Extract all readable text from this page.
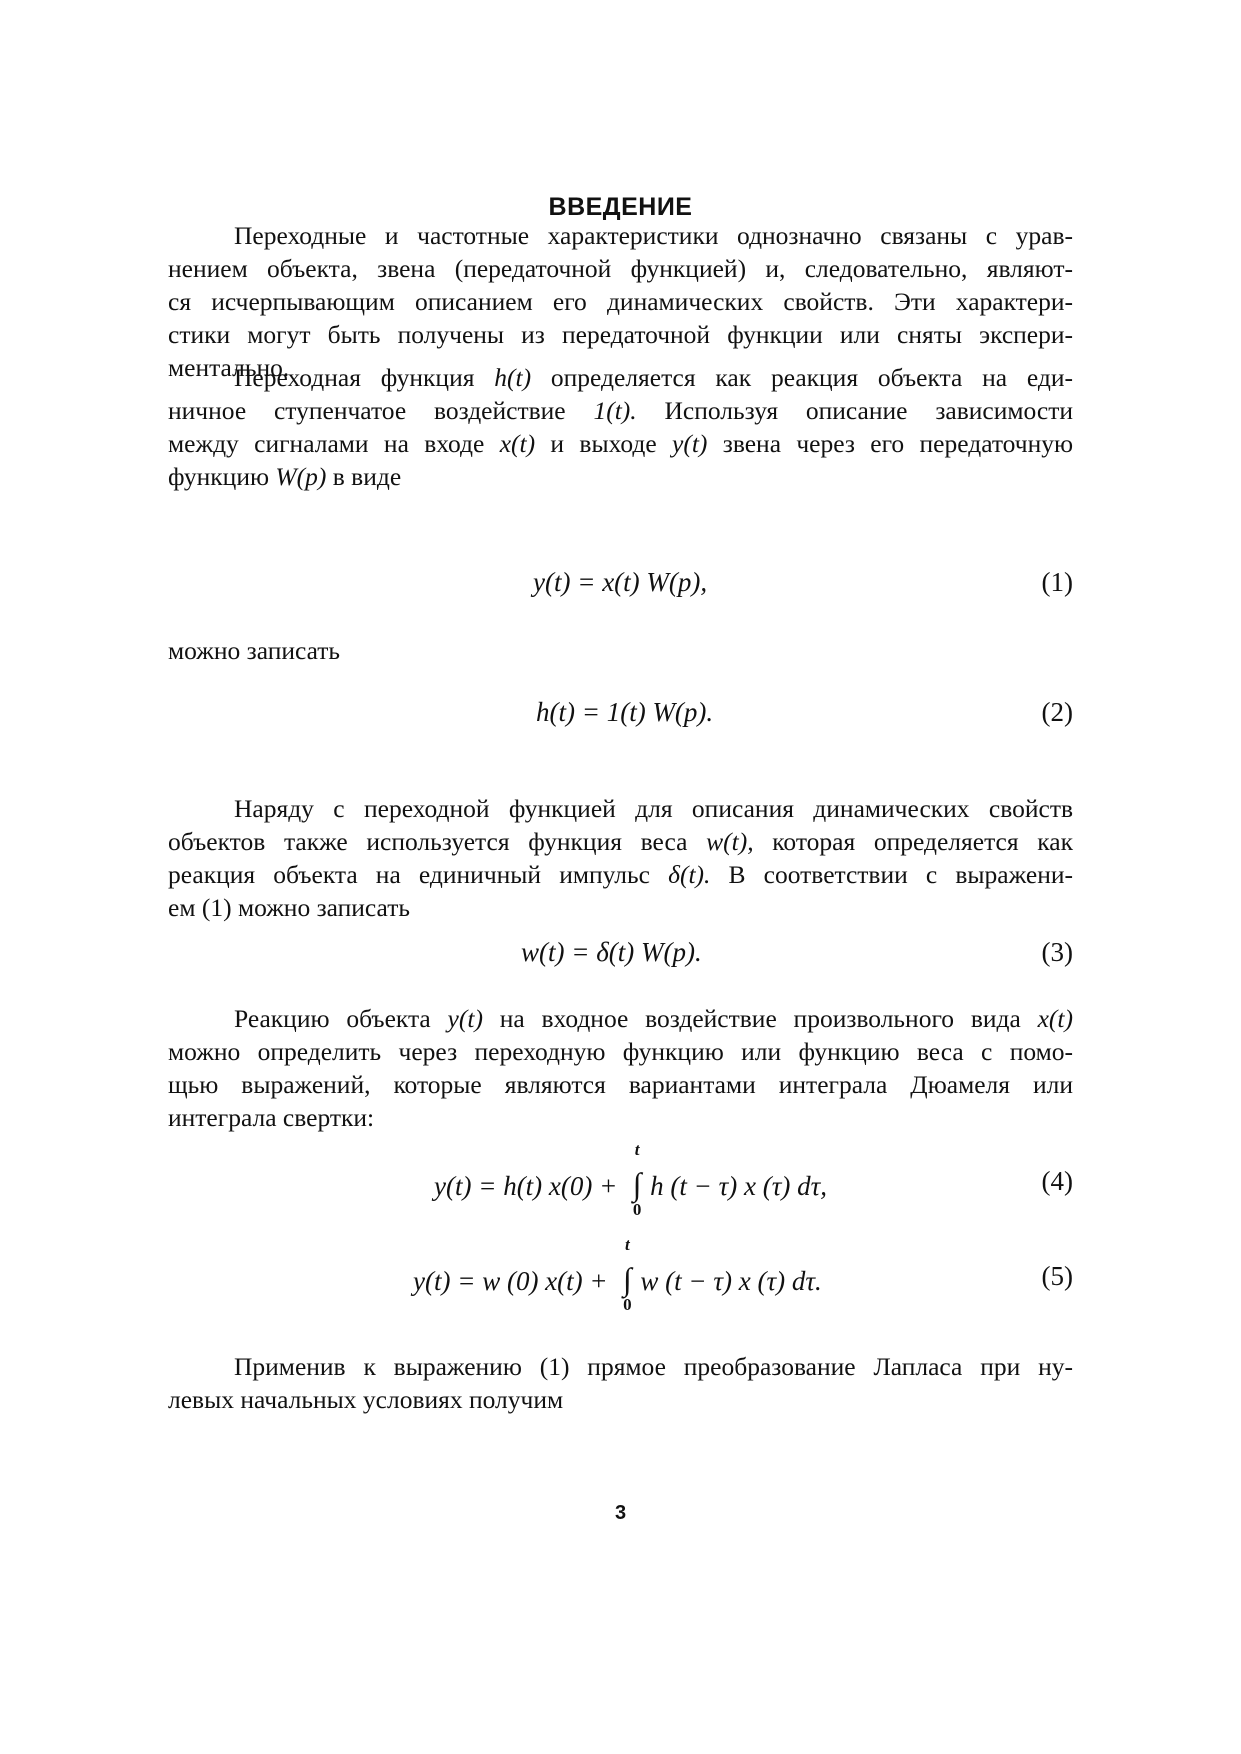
ВВЕДЕНИЕ
Переходные и частотные характеристики однозначно связаны с урав-
нением объекта, звена (передаточной функцией) и, следовательно, являют-
ся исчерпывающим описанием его динамических свойств. Эти характери-
стики могут быть получены из передаточной функции или сняты экспери-
ментально.
Переходная функция h(t) определяется как реакция объекта на еди-
ничное ступенчатое воздействие 1(t). Используя описание зависимости
между сигналами на входе x(t) и выходе y(t) звена через его передаточную
функцию W(p) в виде
y(t) = x(t) W(p),	(1)
можно записать
h(t) = 1(t) W(p).	(2)
Наряду с переходной функцией для описания динамических свойств
объектов также используется функция веса w(t), которая определяется как
реакция объекта на единичный импульс δ(t). В соответствии с выражени-
ем (1) можно записать
w(t) = δ(t) W(p).	(3)
Реакцию объекта y(t) на входное воздействие произвольного вида x(t)
можно определить через переходную функцию или функцию веса с помо-
щью выражений, которые являются вариантами интеграла Дюамеля или
интеграла свертки:
y(t) = h(t) x(0) +
t
∫
0
h (t − τ) x (τ) dτ,	(4)
y(t) = w (0) x(t) +
t
∫
0
w (t − τ) x (τ) dτ.	(5)
Применив к выражению (1) прямое преобразование Лапласа при ну-
левых начальных условиях получим
3
